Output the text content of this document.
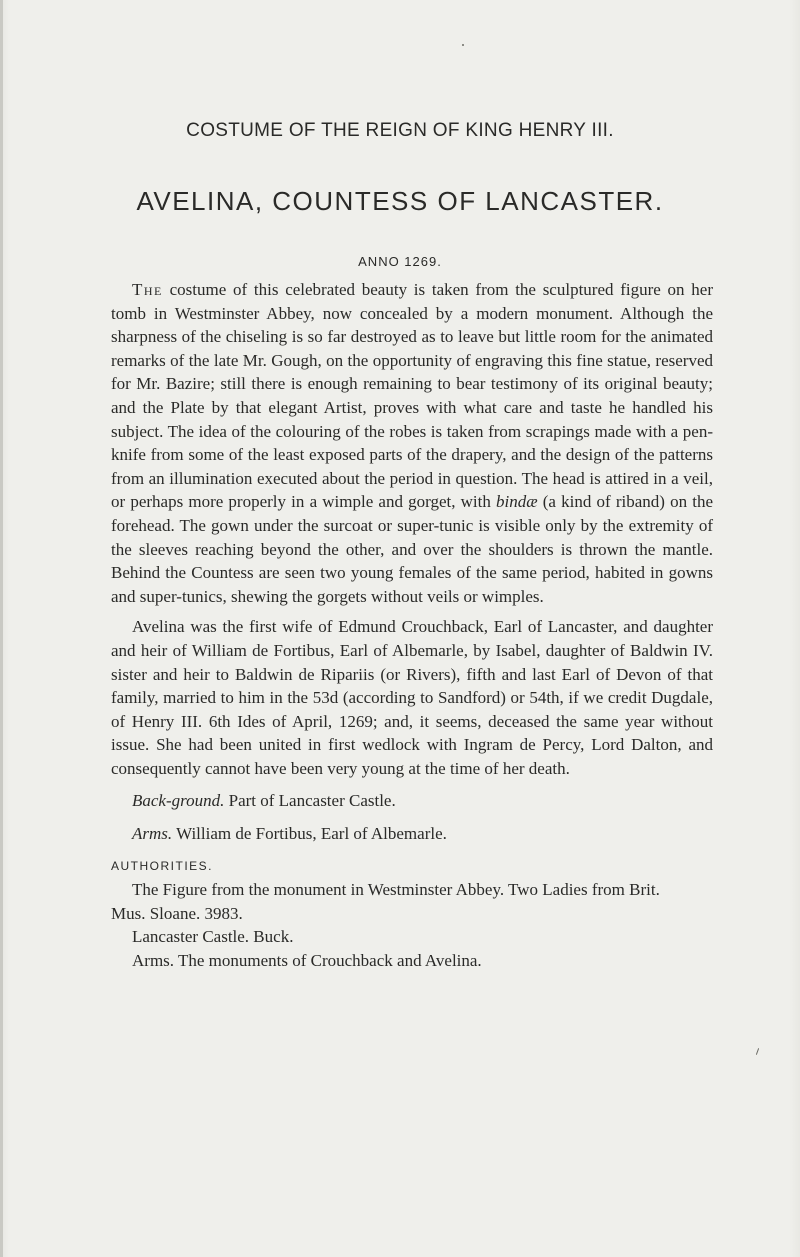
COSTUME OF THE REIGN OF KING HENRY III.
AVELINA, COUNTESS OF LANCASTER.
ANNO 1269.

The costume of this celebrated beauty is taken from the sculptured figure on her tomb in Westminster Abbey, now concealed by a modern monument. Although the sharpness of the chiseling is so far destroyed as to leave but little room for the animated remarks of the late Mr. Gough, on the opportunity of engraving this fine statue, reserved for Mr. Bazire; still there is enough remaining to bear testimony of its original beauty; and the Plate by that elegant Artist, proves with what care and taste he handled his subject. The idea of the colouring of the robes is taken from scrapings made with a pen-knife from some of the least exposed parts of the drapery, and the design of the patterns from an illumination executed about the period in question. The head is attired in a veil, or perhaps more properly in a wimple and gorget, with bindæ (a kind of riband) on the forehead. The gown under the surcoat or super-tunic is visible only by the extremity of the sleeves reaching beyond the other, and over the shoulders is thrown the mantle. Behind the Countess are seen two young females of the same period, habited in gowns and super-tunics, shewing the gorgets without veils or wimples.

Avelina was the first wife of Edmund Crouchback, Earl of Lancaster, and daughter and heir of William de Fortibus, Earl of Albemarle, by Isabel, daughter of Baldwin IV. sister and heir to Baldwin de Ripariis (or Rivers), fifth and last Earl of Devon of that family, married to him in the 53d (according to Sandford) or 54th, if we credit Dugdale, of Henry III. 6th Ides of April, 1269; and, it seems, deceased the same year without issue. She had been united in first wedlock with Ingram de Percy, Lord Dalton, and consequently cannot have been very young at the time of her death.

Back-ground. Part of Lancaster Castle.

Arms. William de Fortibus, Earl of Albemarle.

AUTHORITIES.

The Figure from the monument in Westminster Abbey. Two Ladies from Brit.

Mus. Sloane. 3983.

Lancaster Castle. Buck.

Arms. The monuments of Crouchback and Avelina.
